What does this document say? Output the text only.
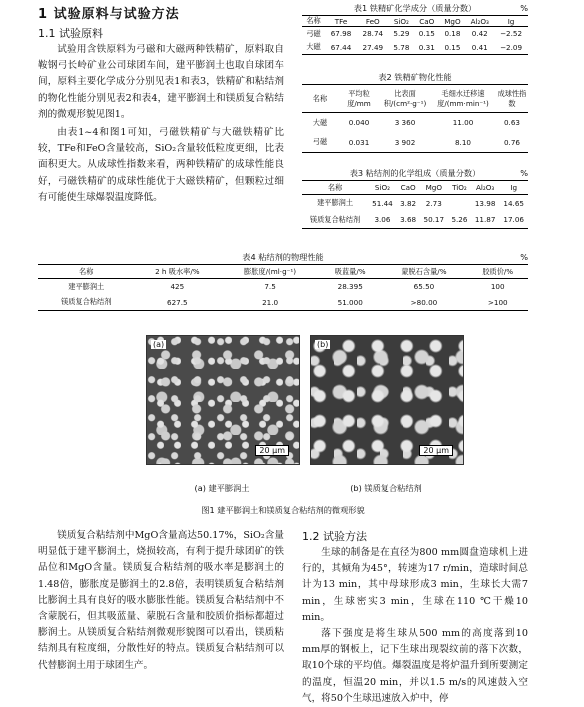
1 试验原料与试验方法
1.1 试验原料

试验用含铁原料为弓磁和大磁两种铁精矿，原料取自鞍钢弓长岭矿业公司球团车间，建平膨润土也取自球团车间，原料主要化学成分分别见表1和表3，铁精矿和粘结剂的物化性能分别见表2和表4，建平膨润土和镁质复合粘结剂的微观形貌见图1。

由表1~4和图1可知，弓磁铁精矿与大磁铁精矿比较，TFe和FeO含量较高，SiO₂含量较低粒度更细，比表面积更大。从成球性指数来看，两种铁精矿的成球性能良好，弓磁铁精矿的成球性能优于大磁铁精矿，但颗粒过细有可能使生球爆裂温度降低。

表1 铁精矿化学成分（质量分数）	%
名称	TFe	FeO	SiO₂	CaO	MgO	Al₂O₃	Ig
弓磁	67.98	28.74	5.29	0.15	0.18	0.42	−2.52
大磁	67.44	27.49	5.78	0.31	0.15	0.41	−2.09
表2 铁精矿物化性能
名称	平均粒度/mm	比表面积/(cm²·g⁻¹)	毛细水迁移速度/(mm·min⁻¹)	成球性指数
大磁	0.040	3 360	11.00	0.63
弓磁	0.031	3 902	8.10	0.76
表3 粘结剂的化学组成（质量分数）	%
名称	SiO₂	CaO	MgO	TiO₂	Al₂O₃	Ig
建平膨润土	51.44	3.82	2.73		13.98	14.65
镁质复合粘结剂	3.06	3.68	50.17	5.26	11.87	17.06
表4 粘结剂的物理性能	%
名称	2 h 吸水率/%	膨胀度/(ml·g⁻¹)	吸蓝量/%	蒙脱石含量/%	胶质价/%
建平膨润土	425	7.5	28.395	65.50	100
镁质复合粘结剂	627.5	21.0	51.000	>80.00	>100
(a)
20 μm
(b)
20 μm
(a) 建平膨润土	(b) 镁质复合粘结剂
图1 建平膨润土和镁质复合粘结剂的微观形貌

镁质复合粘结剂中MgO含量高达50.17%，SiO₂含量明显低于建平膨润土，烧损较高，有利于提升球团矿的铁品位和MgO含量。镁质复合粘结剂的吸水率是膨润土的1.48倍，膨胀度是膨润土的2.8倍，表明镁质复合粘结剂比膨润土具有良好的吸水膨胀性能。镁质复合粘结剂中不含蒙脱石，但其吸蓝量、蒙脱石含量和胶质价指标都超过膨润土。从镁质复合粘结剂微观形貌图可以看出，镁质粘结剂具有粒度细，分散性好的特点。镁质复合粘结剂可以代替膨润土用于球团生产。

1.2 试验方法

生球的制备是在直径为800 mm圆盘造球机上进行的，其倾角为45°，转速为17 r/min，造球时间总计为13 min，其中母球形成3 min，生球长大需7 min，生球密实3 min，生球在110 ℃干燥10 min。

落下强度是将生球从500 mm的高度落到10 mm厚的钢板上，记下生球出现裂纹前的落下次数，取10个球的平均值。爆裂温度是将炉温升到所要测定的温度，恒温20 min，并以1.5 m/s的风速鼓入空气，将50个生球迅速放入炉中，停
